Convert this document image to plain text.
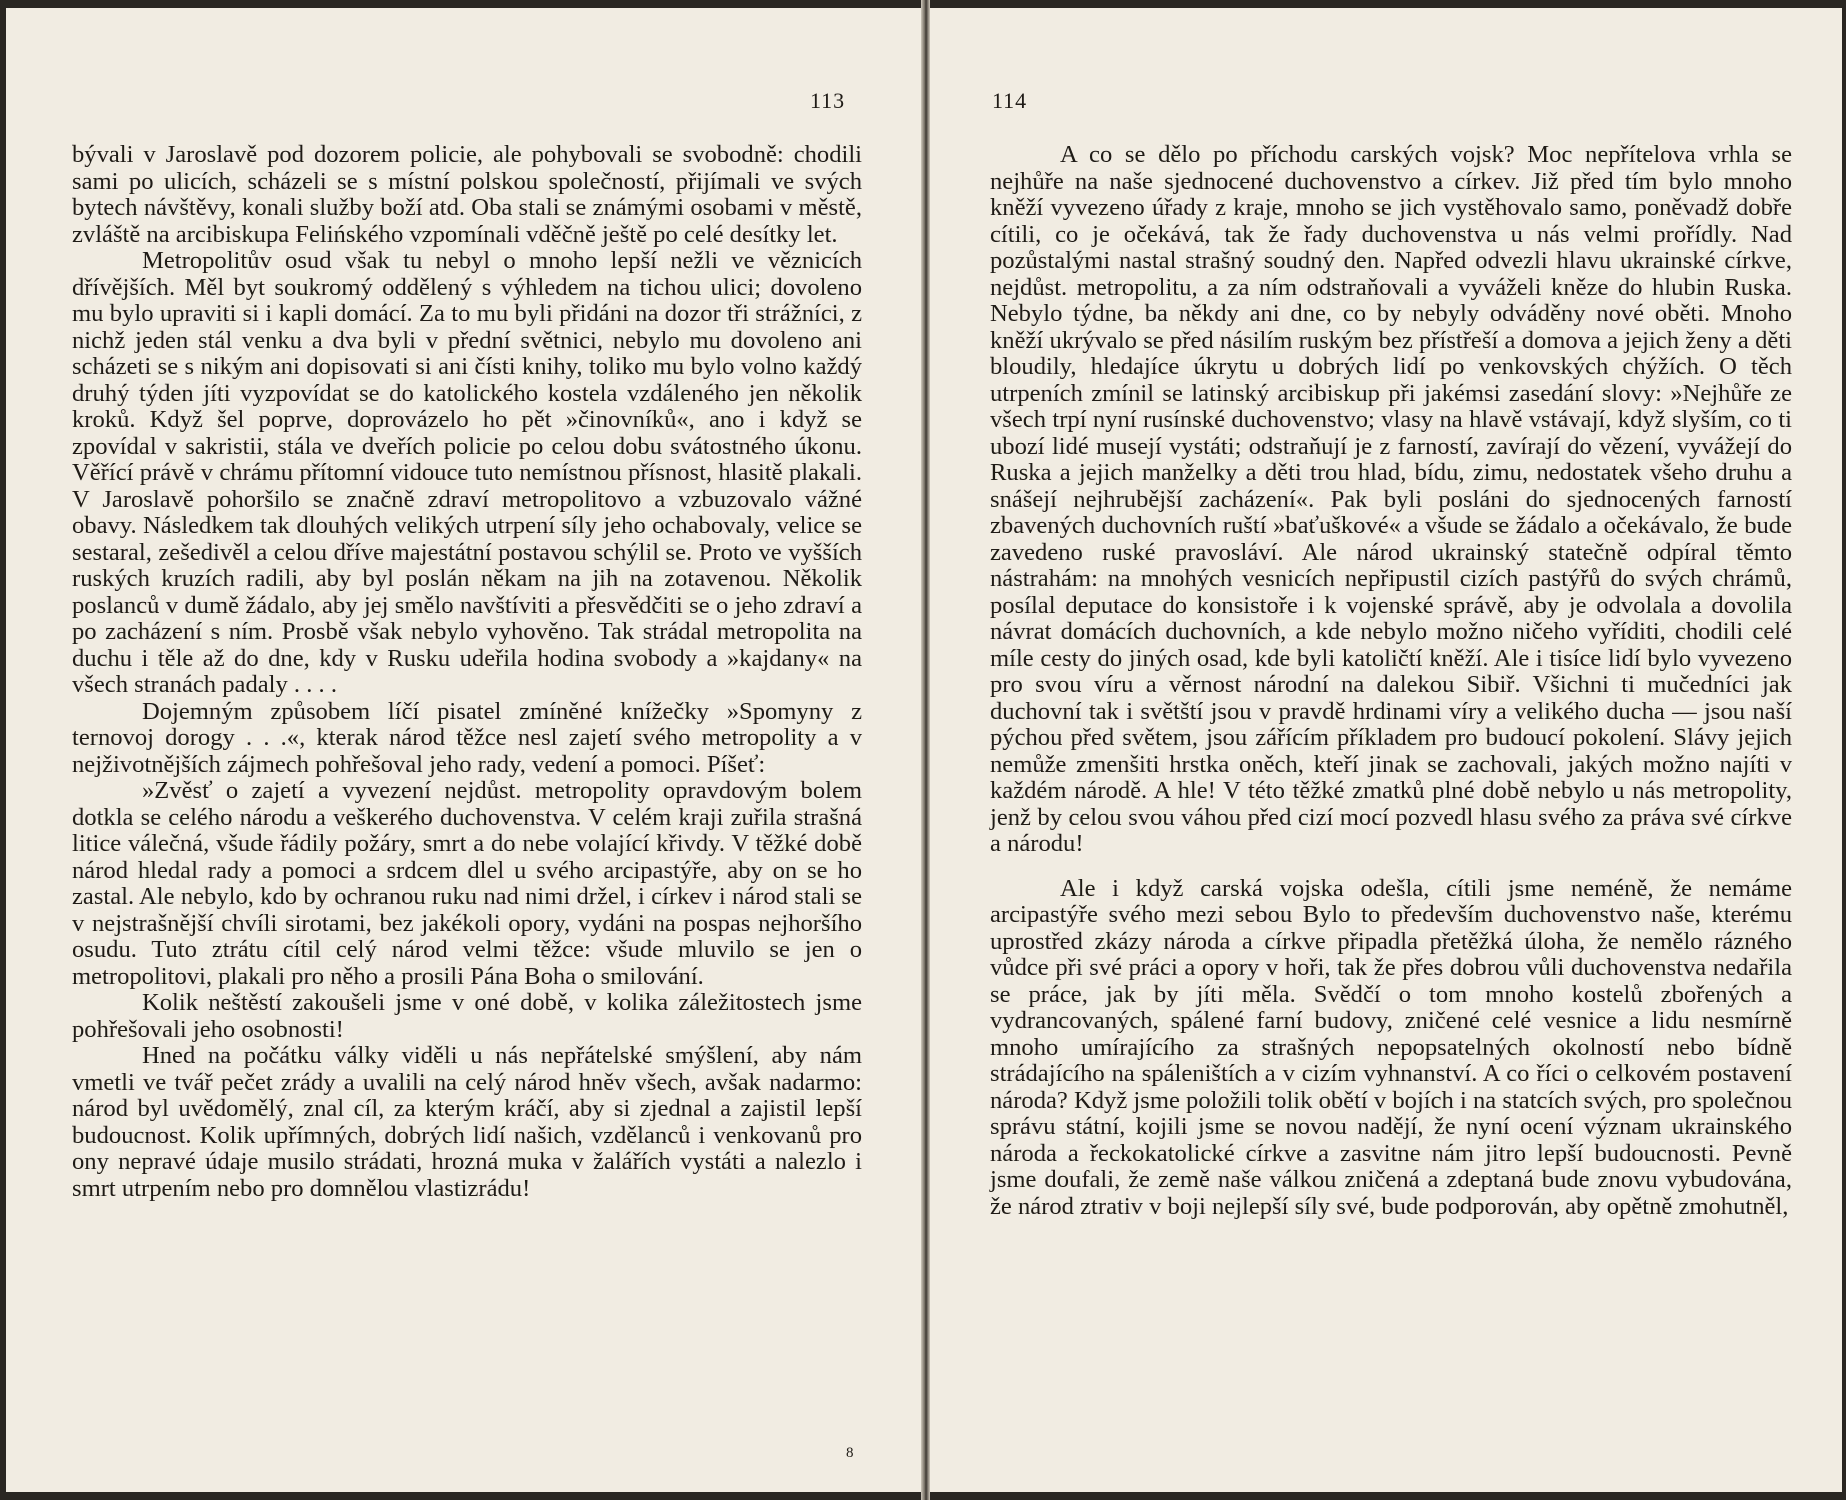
113

bývali v Jaroslavě pod dozorem policie, ale pohybovali se svobodně: chodili sami po ulicích, scházeli se s místní polskou společností, přijímali ve svých bytech návštěvy, konali služby boží atd. Oba stali se známými osobami v městě, zvláště na arcibiskupa Felińského vzpomínali vděčně ještě po celé desítky let.

Metropolitův osud však tu nebyl o mnoho lepší nežli ve věznicích dřívějších. Měl byt soukromý oddělený s výhledem na tichou ulici; dovoleno mu bylo upraviti si i kapli domácí. Za to mu byli přidáni na dozor tři strážníci, z nichž jeden stál venku a dva byli v přední světnici, nebylo mu dovoleno ani scházeti se s nikým ani dopisovati si ani čísti knihy, toliko mu bylo volno každý druhý týden jíti vyzpovídat se do katolického kostela vzdáleného jen několik kroků. Když šel poprve, doprovázelo ho pět »činovníků«, ano i když se zpovídal v sakristii, stála ve dveřích policie po celou dobu svátostného úkonu. Věřící právě v chrámu přítomní vidouce tuto nemístnou přísnost, hlasitě plakali. V Jaroslavě pohoršilo se značně zdraví metropolitovo a vzbuzovalo vážné obavy. Následkem tak dlouhých velikých utrpení síly jeho ochabovaly, velice se sestaral, zešedivěl a celou dříve majestátní postavou schýlil se. Proto ve vyšších ruských kruzích radili, aby byl poslán někam na jih na zotavenou. Několik poslanců v dumě žádalo, aby jej smělo navštíviti a přesvědčiti se o jeho zdraví a po zacházení s ním. Prosbě však nebylo vyhověno. Tak strádal metropolita na duchu i těle až do dne, kdy v Rusku udeřila hodina svobody a »kajdany« na všech stranách padaly . . . .

Dojemným způsobem líčí pisatel zmíněné knížečky »Spomyny z ternovoj dorogy . . .«, kterak národ těžce nesl zajetí svého metropolity a v nejživotnějších zájmech pohřešoval jeho rady, vedení a pomoci. Píšeť:

»Zvěsť o zajetí a vyvezení nejdůst. metropolity opravdovým bolem dotkla se celého národu a veškerého duchovenstva. V celém kraji zuřila strašná litice válečná, všude řádily požáry, smrt a do nebe volající křivdy. V těžké době národ hledal rady a pomoci a srdcem dlel u svého arcipastýře, aby on se ho zastal. Ale nebylo, kdo by ochranou ruku nad nimi držel, i církev i národ stali se v nejstrašnější chvíli sirotami, bez jakékoli opory, vydáni na pospas nejhoršího osudu. Tuto ztrátu cítil celý národ velmi těžce: všude mluvilo se jen o metropolitovi, plakali pro něho a prosili Pána Boha o smilování.

Kolik neštěstí zakoušeli jsme v oné době, v kolika záležitostech jsme pohřešovali jeho osobnosti!

Hned na počátku války viděli u nás nepřátelské smýšlení, aby nám vmetli ve tvář pečet zrády a uvalili na celý národ hněv všech, avšak nadarmo: národ byl uvědomělý, znal cíl, za kterým kráčí, aby si zjednal a zajistil lepší budoucnost. Kolik upřímných, dobrých lidí našich, vzdělanců i venkovanů pro ony nepravé údaje musilo strádati, hrozná muka v žalářích vystáti a nalezlo i smrt utrpením nebo pro domnělou vlastizrádu!

8
114

A co se dělo po příchodu carských vojsk? Moc nepřítelova vrhla se nejhůře na naše sjednocené duchovenstvo a církev. Již před tím bylo mnoho kněží vyvezeno úřady z kraje, mnoho se jich vystěhovalo samo, poněvadž dobře cítili, co je očekává, tak že řady duchovenstva u nás velmi prořídly. Nad pozůstalými nastal strašný soudný den. Napřed odvezli hlavu ukrainské církve, nejdůst. metropolitu, a za ním odstraňovali a vyváželi kněze do hlubin Ruska. Nebylo týdne, ba někdy ani dne, co by nebyly odváděny nové oběti. Mnoho kněží ukrývalo se před násilím ruským bez přístřeší a domova a jejich ženy a děti bloudily, hledajíce úkrytu u dobrých lidí po venkovských chýžích. O těch utrpeních zmínil se latinský arcibiskup při jakémsi zasedání slovy: »Nejhůře ze všech trpí nyní rusínské duchovenstvo; vlasy na hlavě vstávají, když slyším, co ti ubozí lidé musejí vystáti; odstraňují je z farností, zavírají do vězení, vyvážejí do Ruska a jejich manželky a děti trou hlad, bídu, zimu, nedostatek všeho druhu a snášejí nejhrubější zacházení«. Pak byli posláni do sjednocených farností zbavených duchovních ruští »baťuškové« a všude se žádalo a očekávalo, že bude zavedeno ruské pravosláví. Ale národ ukrainský statečně odpíral těmto nástrahám: na mnohých vesnicích nepřipustil cizích pastýřů do svých chrámů, posílal deputace do konsistoře i k vojenské správě, aby je odvolala a dovolila návrat domácích duchovních, a kde nebylo možno ničeho vyříditi, chodili celé míle cesty do jiných osad, kde byli katoličtí kněží. Ale i tisíce lidí bylo vyvezeno pro svou víru a věrnost národní na dalekou Sibiř. Všichni ti mučedníci jak duchovní tak i světští jsou v pravdě hrdinami víry a velikého ducha — jsou naší pýchou před světem, jsou zářícím příkladem pro budoucí pokolení. Slávy jejich nemůže zmenšiti hrstka oněch, kteří jinak se zachovali, jakých možno najíti v každém národě. A hle! V této těžké zmatků plné době nebylo u nás metropolity, jenž by celou svou váhou před cizí mocí pozvedl hlasu svého za práva své církve a národu!

Ale i když carská vojska odešla, cítili jsme neméně, že nemáme arcipastýře svého mezi sebou Bylo to především duchovenstvo naše, kterému uprostřed zkázy národa a církve připadla přetěžká úloha, že nemělo rázného vůdce při své práci a opory v hoři, tak že přes dobrou vůli duchovenstva nedařila se práce, jak by jíti měla. Svědčí o tom mnoho kostelů zbořených a vydrancovaných, spálené farní budovy, zničené celé vesnice a lidu nesmírně mnoho umírajícího za strašných nepopsatelných okolností nebo bídně strádajícího na spáleništích a v cizím vyhnanství. A co říci o celkovém postavení národa? Když jsme položili tolik obětí v bojích i na statcích svých, pro společnou správu státní, kojili jsme se novou nadějí, že nyní ocení význam ukrainského národa a řeckokatolické církve a zasvitne nám jitro lepší budoucnosti. Pevně jsme doufali, že země naše válkou zničená a zdeptaná bude znovu vybudována, že národ ztrativ v boji nejlepší síly své, bude podporován, aby opětně zmohutněl,
